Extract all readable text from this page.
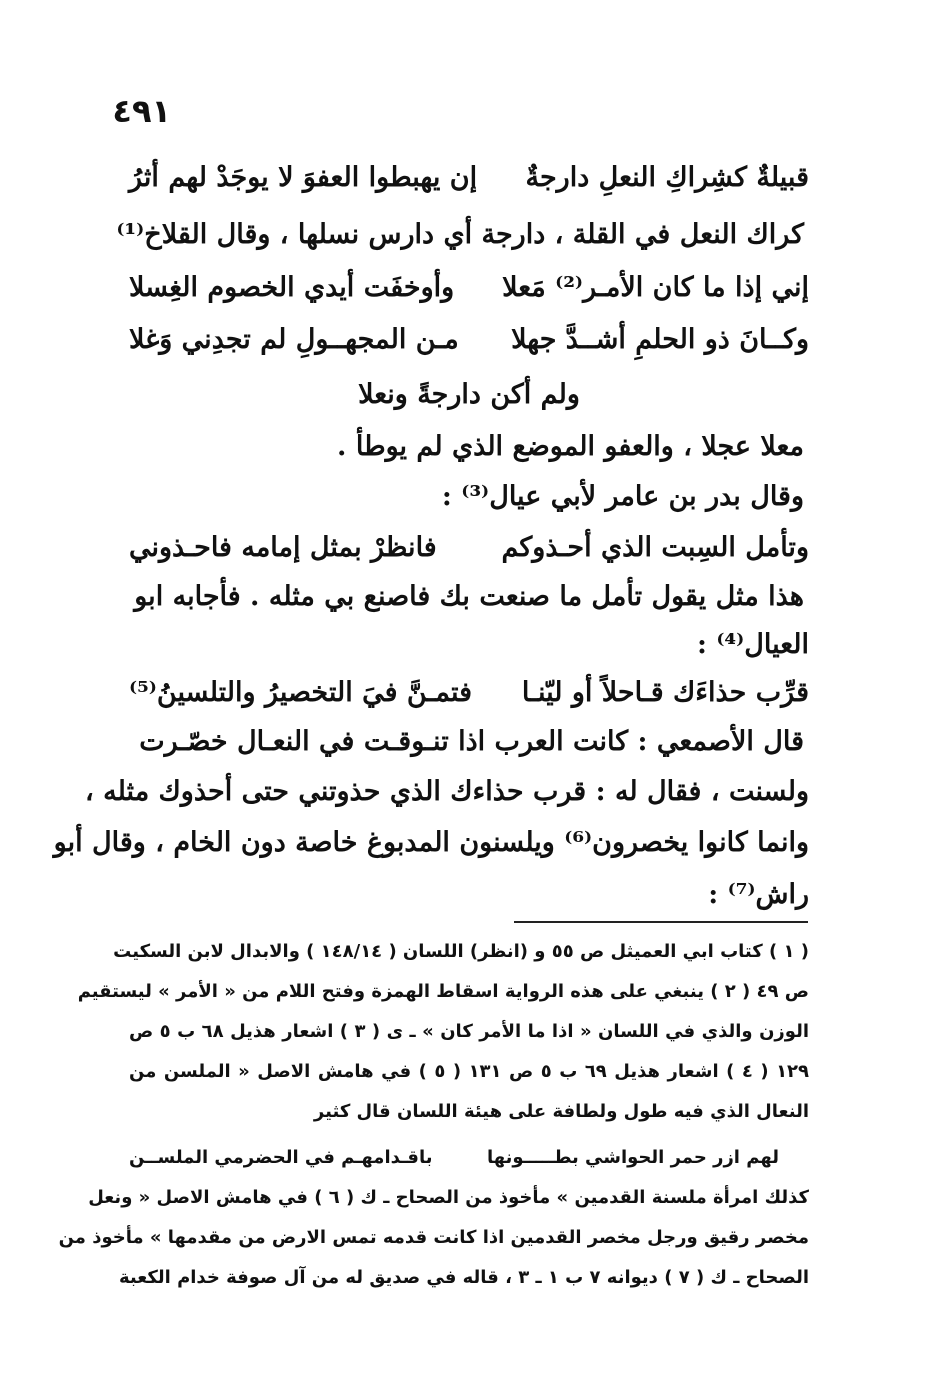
٤٩١
قبيلةٌ كشِراكِ النعلِ دارجةٌ
إن يهبطوا العفوَ لا يوجَدْ لهم أثرُ
كراك النعل في القلة ، دارجة أي دارس نسلها ، وقال القلاخ⁽¹⁾
إني إذا ما كان الأمـر⁽²⁾ مَعلا
وأوخفَت أيدي الخصوم الغِسلا
وكــانَ ذو الحلمِ أشــدَّ جهلا
مـن المجهــولِ لم تجدِني وَغلا
ولم أكن دارجةً ونعلا
معلا عجلا ، والعفو الموضع الذي لم يوطأ .
وقال بدر بن عامر لأبي عيال⁽³⁾ :
وتأمل السِبت الذي أحـذوكم
فانظرْ بمثل إمامه فاحـذوني
هذا مثل يقول تأمل ما صنعت بك فاصنع بي مثله . فأجابه ابو
العيال⁽⁴⁾ :
قرِّب حذاءَك قـاحلاً أو ليّنـا
فتمـنَّ فيَ التخصيرُ والتلسينُ⁽⁵⁾
قال الأصمعي : كانت العرب اذا تنـوقـت في النعـال خصّـرت
ولسنت ، فقال له : قرب حذاءك الذي حذوتني حتى أحذوك مثله ،
وانما كانوا يخصرون⁽⁶⁾ ويلسنون المدبوغ خاصة دون الخام ، وقال أبو
راش⁽⁷⁾ :
( ١ ) كتاب ابي العميثل ص ٥٥ و (انظر) اللسان ( ١٤٨/١٤ ) والابدال لابن السكيت
ص ٤٩ ( ٢ ) ينبغي على هذه الرواية اسقاط الهمزة وفتح اللام من « الأمر » ليستقيم
الوزن والذي في اللسان « اذا ما الأمر كان » ـ ى ( ٣ ) اشعار هذيل ٦٨ ب ٥ ص
١٢٩ ( ٤ ) اشعار هذيل ٦٩ ب ٥ ص ١٣١ ( ٥ ) في هامش الاصل « الملسن من
النعال الذي فيه طول ولطافة على هيئة اللسان قال كثير
لهم ازر حمر الحواشي بطـــــونها
باقـدامهـم في الحضرمي الملســن
كذلك امرأة ملسنة القدمين » مأخوذ من الصحاح ـ ك ( ٦ ) في هامش الاصل « ونعل
مخصر رقيق ورجل مخصر القدمين اذا كانت قدمه تمس الارض من مقدمها » مأخوذ من
الصحاح ـ ك ( ٧ ) ديوانه ٧ ب ١ ـ ٣ ، قاله في صديق له من آل صوفة خدام الكعبة
